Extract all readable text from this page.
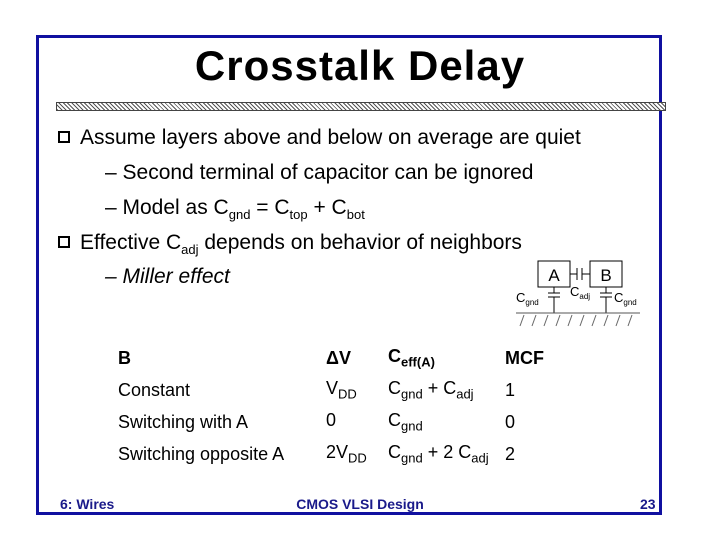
Crosstalk Delay
Assume layers above and below on average are quiet
– Second terminal of capacitor can be ignored
– Model as $C_{gnd} = C_{top} + C_{bot}$
Effective $C_{adj}$ depends on behavior of neighbors
– Miller effect	A B
$C_{gnd}$
$C_{adj}$ $C_{gnd}$
B	ΔV	$C_{eff(A)}$	MCF
Constant	$V_{DD}$	$C_{gnd} + C_{adj}$	1
Switching with A	0	$C_{gnd}$	0
Switching opposite A	$2V_{DD}$	$C_{gnd} + 2$ $C_{adj}$	2
6: Wires	CMOS VLSI Design	23
